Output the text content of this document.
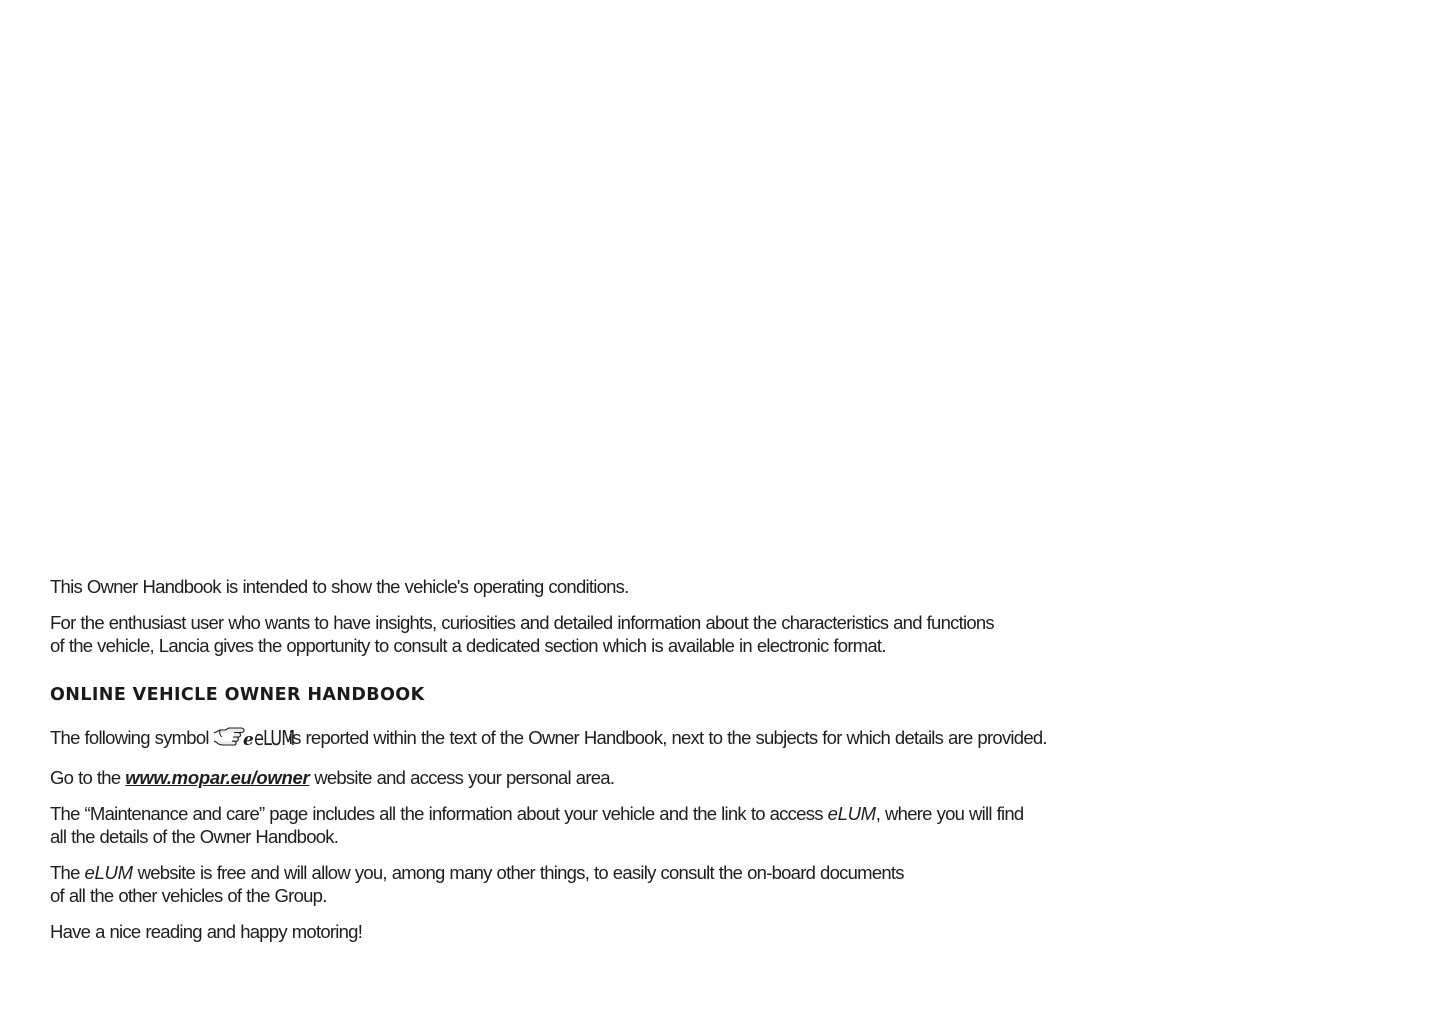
This Owner Handbook is intended to show the vehicle's operating conditions.

For the enthusiast user who wants to have insights, curiosities and detailed information about the characteristics and functions
of the vehicle, Lancia gives the opportunity to consult a dedicated section which is available in electronic format.

ONLINE VEHICLE OWNER HANDBOOK

The following symbol e eLUM
is reported within the text of the Owner Handbook, next to the subjects for which details are provided.

Go to the www.mopar.eu/owner website and access your personal area.

The “Maintenance and care” page includes all the information about your vehicle and the link to access eLUM, where you will find
all the details of the Owner Handbook.

The eLUM website is free and will allow you, among many other things, to easily consult the on-board documents
of all the other vehicles of the Group.

Have a nice reading and happy motoring!
